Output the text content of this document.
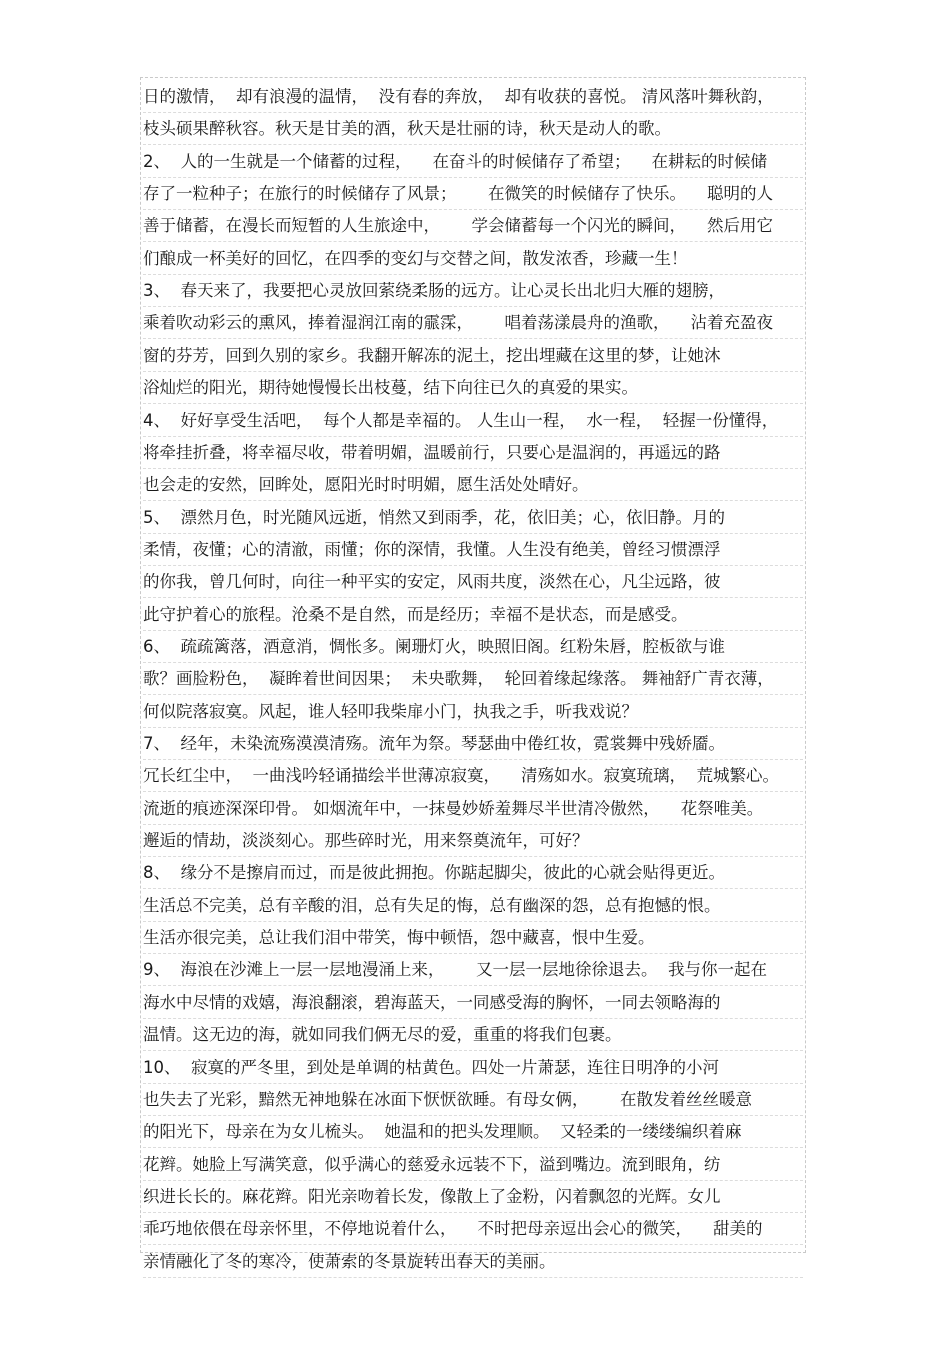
日的激情，  却有浪漫的温情，  没有春的奔放，  却有收获的喜悦。 清风落叶舞秋韵，
枝头硕果醉秋容。秋天是甘美的酒，秋天是壮丽的诗，秋天是动人的歌。
2、  人的一生就是一个储蓄的过程，    在奋斗的时候储存了希望；    在耕耘的时候储
存了一粒种子；在旅行的时候储存了风景；      在微笑的时候储存了快乐。    聪明的人
善于储蓄，在漫长而短暂的人生旅途中，      学会储蓄每一个闪光的瞬间，    然后用它
们酿成一杯美好的回忆，在四季的变幻与交替之间，散发浓香，珍藏一生！
3、  春天来了，我要把心灵放回萦绕柔肠的远方。让心灵长出北归大雁的翅膀，
乘着吹动彩云的熏风，捧着湿润江南的霢霂，      唱着荡漾晨舟的渔歌，    沾着充盈夜
窗的芬芳，回到久别的家乡。我翻开解冻的泥土，挖出埋藏在这里的梦，让她沐
浴灿烂的阳光，期待她慢慢长出枝蔓，结下向往已久的真爱的果实。
4、  好好享受生活吧，  每个人都是幸福的。 人生山一程，  水一程，  轻握一份懂得，
将牵挂折叠，将幸福尽收，带着明媚，温暖前行，只要心是温润的，再遥远的路
也会走的安然，回眸处，愿阳光时时明媚，愿生活处处晴好。
5、  漂然月色，时光随风远逝，悄然又到雨季，花，依旧美；心，依旧静。月的
柔情，夜懂；心的清澈，雨懂；你的深情，我懂。人生没有绝美，曾经习惯漂浮
的你我，曾几何时，向往一种平实的安定，风雨共度，淡然在心，凡尘远路，彼
此守护着心的旅程。沧桑不是自然，而是经历；幸福不是状态，而是感受。
6、  疏疏篱落，酒意消，惆怅多。阑珊灯火，映照旧阁。红粉朱唇，腔板欲与谁
歌？画脸粉色，  凝眸着世间因果；  未央歌舞，  轮回着缘起缘落。 舞袖舒广青衣薄，
何似院落寂寞。风起，谁人轻叩我柴扉小门，执我之手，听我戏说？
7、  经年，未染流殇漠漠清殇。流年为祭。琴瑟曲中倦红妆，霓裳舞中残娇靥。
冗长红尘中，  一曲浅吟轻诵描绘半世薄凉寂寞，    清殇如水。寂寞琉璃，  荒城繁心。
流逝的痕迹深深印骨。 如烟流年中，一抹曼妙娇羞舞尽半世清冷傲然，    花祭唯美。
邂逅的情劫，淡淡刻心。那些碎时光，用来祭奠流年，可好？
8、  缘分不是擦肩而过，而是彼此拥抱。你踮起脚尖，彼此的心就会贴得更近。
生活总不完美，总有辛酸的泪，总有失足的悔，总有幽深的怨，总有抱憾的恨。
生活亦很完美，总让我们泪中带笑，悔中顿悟，怨中藏喜，恨中生爱。
9、  海浪在沙滩上一层一层地漫涌上来，      又一层一层地徐徐退去。  我与你一起在
海水中尽情的戏嬉，海浪翻滚，碧海蓝天，一同感受海的胸怀，一同去领略海的
温情。这无边的海，就如同我们俩无尽的爱，重重的将我们包裹。
10、  寂寞的严冬里，到处是单调的枯黄色。四处一片萧瑟，连往日明净的小河
也失去了光彩，黯然无神地躲在冰面下恹恹欲睡。有母女俩，      在散发着丝丝暖意
的阳光下，母亲在为女儿梳头。  她温和的把头发理顺。  又轻柔的一缕缕编织着麻
花辫。她脸上写满笑意，似乎满心的慈爱永远装不下，溢到嘴边。流到眼角，纺
织进长长的。麻花辫。阳光亲吻着长发，像散上了金粉，闪着飘忽的光辉。女儿
乖巧地依偎在母亲怀里，不停地说着什么，    不时把母亲逗出会心的微笑，    甜美的
亲情融化了冬的寒冷，使萧索的冬景旋转出春天的美丽。
